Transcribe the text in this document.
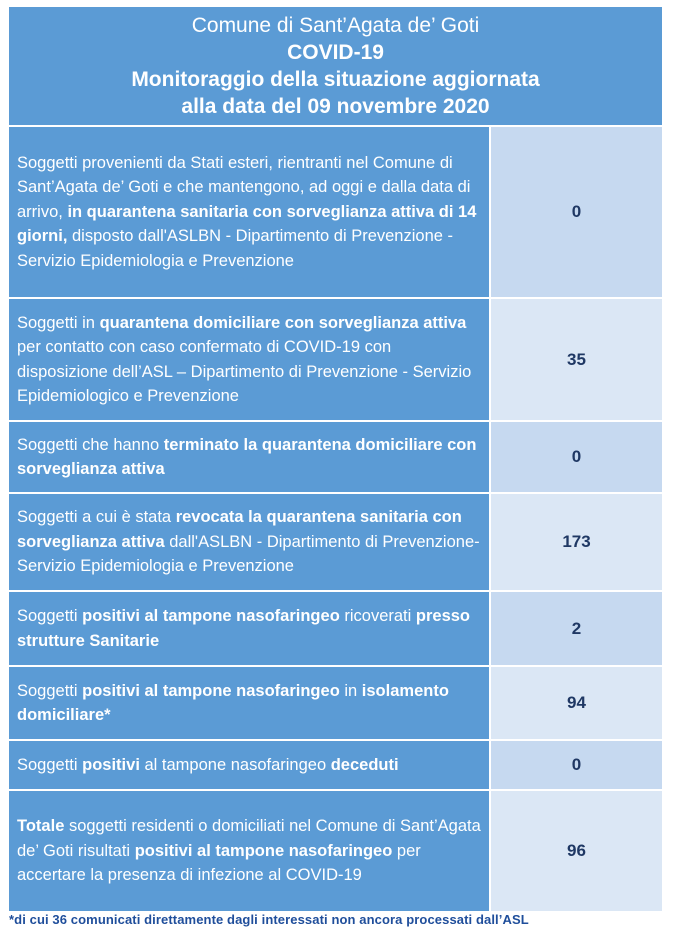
Comune di Sant’Agata de’ Goti
COVID-19
Monitoraggio della situazione aggiornata
alla data del 09 novembre 2020
Soggetti provenienti da Stati esteri, rientranti nel Comune di Sant’Agata de’ Goti e che mantengono, ad oggi e dalla data di arrivo, in quarantena sanitaria con sorveglianza attiva di 14 giorni, disposto dall'ASLBN - Dipartimento di Prevenzione - Servizio Epidemiologia e Prevenzione
0
Soggetti in quarantena domiciliare con sorveglianza attiva per contatto con caso confermato di COVID-19 con disposizione dell’ASL – Dipartimento di Prevenzione - Servizio Epidemiologico e Prevenzione
35
Soggetti che hanno terminato la quarantena domiciliare con sorveglianza attiva
0
Soggetti a cui è stata revocata la quarantena sanitaria con sorveglianza attiva dall'ASLBN - Dipartimento di Prevenzione-Servizio Epidemiologia e Prevenzione
173
Soggetti positivi al tampone nasofaringeo ricoverati presso strutture Sanitarie
2
Soggetti positivi al tampone nasofaringeo in isolamento domiciliare*
94
Soggetti positivi al tampone nasofaringeo deceduti	0
Totale soggetti residenti o domiciliati nel Comune di Sant’Agata de’ Goti risultati positivi al tampone nasofaringeo per accertare la presenza di infezione al COVID-19
96
*di cui 36 comunicati direttamente dagli interessati non ancora processati dall’ASL
